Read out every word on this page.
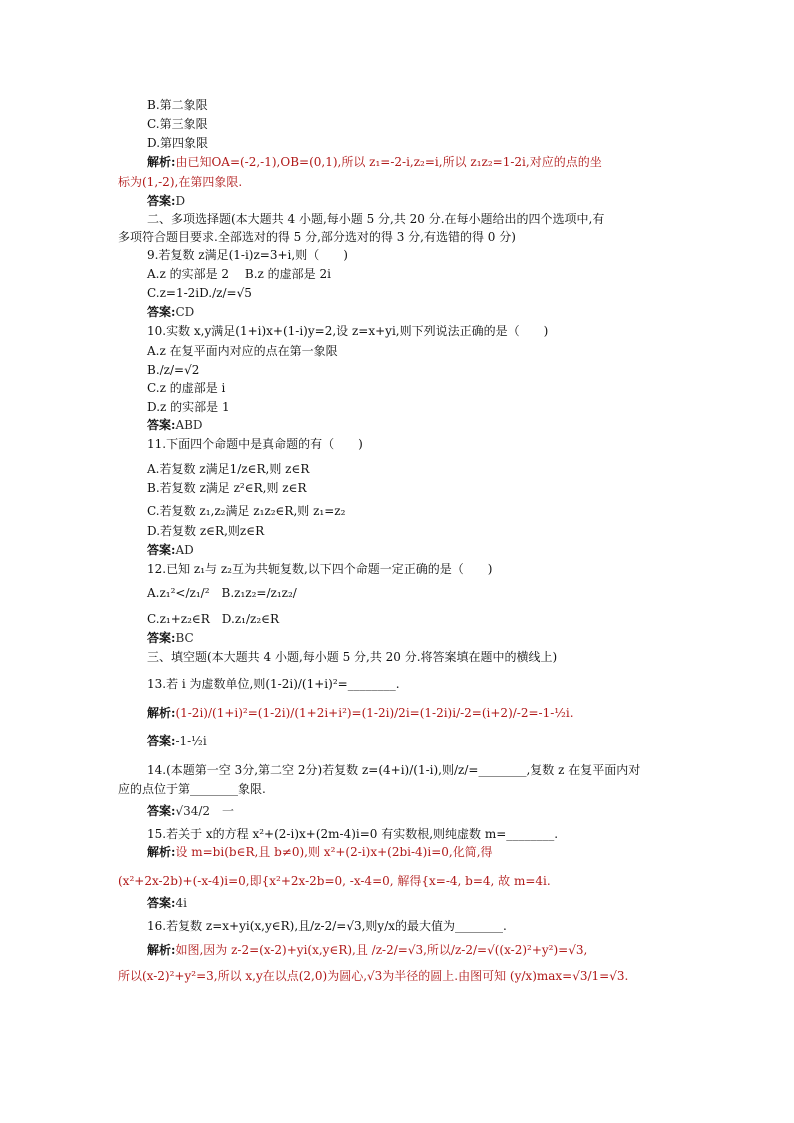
B.第二象限
C.第三象限
D.第四象限
解析:由已知OA=(-2,-1),OB=(0,1),所以 z₁=-2-i,z₂=i,所以 z₁z₂=1-2i,对应的点的坐
标为(1,-2),在第四象限.
答案:D
二、多项选择题(本大题共 4 小题,每小题 5 分,共 20 分.在每小题给出的四个选项中,有
多项符合题目要求.全部选对的得 5 分,部分选对的得 3 分,有选错的得 0 分)
9.若复数 z满足(1-i)z=3+i,则（　　)
A.z 的实部是 2　 B.z 的虚部是 2i
C.z=1-2iD./z/=√5
答案:CD
10.实数 x,y满足(1+i)x+(1-i)y=2,设 z=x+yi,则下列说法正确的是（　　)
A.z 在复平面内对应的点在第一象限
B./z/=√2
C.z 的虚部是 i
D.z 的实部是 1
答案:ABD
11.下面四个命题中是真命题的有（　　)
A.若复数 z满足1/z∈R,则 z∈R
B.若复数 z满足 z²∈R,则 z∈R
C.若复数 z₁,z₂满足 z₁z₂∈R,则 z₁=z₂
D.若复数 z∈R,则z∈R
答案:AD
12.已知 z₁与 z₂互为共轭复数,以下四个命题一定正确的是（　　)
A.z₁²</z₁/²　B.z₁z₂=/z₁z₂/
C.z₁+z₂∈R　D.z₁/z₂∈R
答案:BC
三、填空题(本大题共 4 小题,每小题 5 分,共 20 分.将答案填在题中的横线上)
13.若 i 为虚数单位,则(1-2i)/(1+i)²=________.
解析:(1-2i)/(1+i)²=(1-2i)/(1+2i+i²)=(1-2i)/2i=(1-2i)i/-2=(i+2)/-2=-1-½i.
答案:-1-½i
14.(本题第一空 3分,第二空 2分)若复数 z=(4+i)/(1-i),则/z/=________,复数 z 在复平面内对
应的点位于第________象限.
答案:√34/2　一
15.若关于 x的方程 x²+(2-i)x+(2m-4)i=0 有实数根,则纯虚数 m=________.
解析:设 m=bi(b∈R,且 b≠0),则 x²+(2-i)x+(2bi-4)i=0,化简,得
(x²+2x-2b)+(-x-4)i=0,即{x²+2x-2b=0, -x-4=0, 解得{x=-4, b=4, 故 m=4i.
答案:4i
16.若复数 z=x+yi(x,y∈R),且/z-2/=√3,则y/x的最大值为________.
解析:如图,因为 z-2=(x-2)+yi(x,y∈R),且 /z-2/=√3,所以/z-2/=√((x-2)²+y²)=√3,
所以(x-2)²+y²=3,所以 x,y在以点(2,0)为圆心,√3为半径的圆上.由图可知 (y/x)max=√3/1=√3.
